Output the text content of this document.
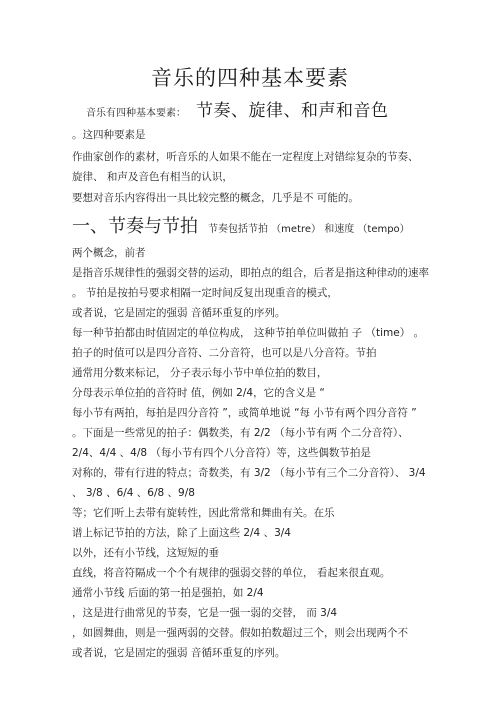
音乐的四种基本要素
音乐有四种基本要素： 节奏、旋律、和声和音色
。这四种要素是
作曲家创作的素材，听音乐的人如果不能在一定程度上对错综复杂的节奏、
旋律、 和声及音色有相当的认识，
要想对音乐内容得出一具比较完整的概念，几乎是不 可能的。
一、节奏与节拍 节奏包括节拍 （metre） 和速度 （tempo）
两个概念，前者
是指音乐规律性的强弱交替的运动，即拍点的组合，后者是指这种律动的速率
。 节拍是按拍号要求相隔一定时间反复出现重音的模式，
或者说，它是固定的强弱 音循环重复的序列。
每一种节拍都由时值固定的单位构成， 这种节拍单位叫做拍 子 （time） 。
拍子的时值可以是四分音符、二分音符，也可以是八分音符。节拍
通常用分数来标记， 分子表示每小节中单位拍的数目，
分母表示单位拍的音符时 值，例如 2/4，它的含义是 “
每小节有两拍，每拍是四分音符 ”，或简单地说 “每 小节有两个四分音符 ”
。下面是一些常见的拍子：偶数类，有 2/2 （每小节有两 个二分音符）、
2/4、4/4 、4/8 （每小节有四个八分音符）等，这些偶数节拍是
对称的，带有行进的特点；奇数类，有 3/2 （每小节有三个二分音符）、 3/4
、 3/8 、6/4 、6/8 、9/8
等；它们听上去带有旋转性，因此常常和舞曲有关。在乐
谱上标记节拍的方法，除了上面这些 2/4 、3/4
以外，还有小节线，这短短的垂
直线，将音符隔成一个个有规律的强弱交替的单位， 看起来很直观。
通常小节线 后面的第一拍是强拍，如 2/4
，这是进行曲常见的节奏，它是一强一弱的交替， 而 3/4
，如圆舞曲，则是一强两弱的交替。假如拍数超过三个，则会出现两个不
或者说，它是固定的强弱 音循环重复的序列。
